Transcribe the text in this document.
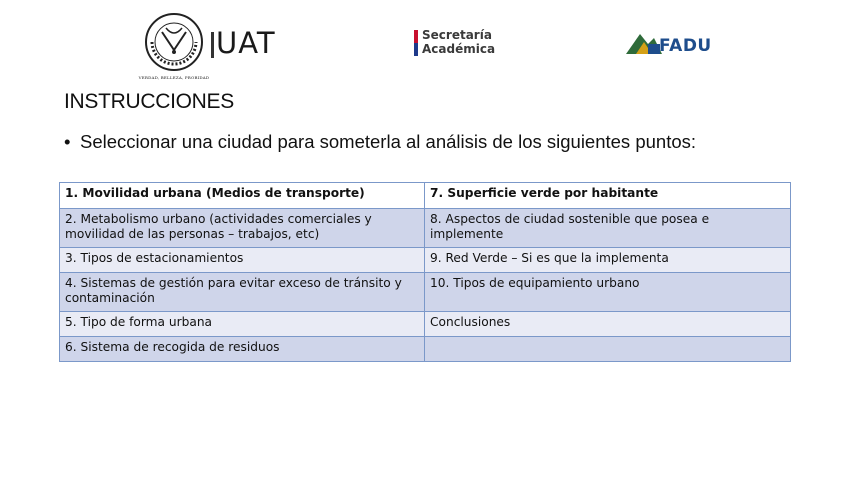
VERDAD, BELLEZA, PROBIDAD
UAT	Secretaría
Académica	FADU
INSTRUCCIONES
• Seleccionar una ciudad para someterla al análisis de los siguientes puntos:
1. Movilidad urbana (Medios de transporte)	7. Superficie verde por habitante
2. Metabolismo urbano (actividades comerciales y movilidad de las personas – trabajos, etc)	8. Aspectos de ciudad sostenible que posea e implemente
3. Tipos de estacionamientos	9. Red Verde – Si es que la implementa
4. Sistemas de gestión para evitar exceso de tránsito y contaminación	10. Tipos de equipamiento urbano
5. Tipo de forma urbana	Conclusiones
6. Sistema de recogida de residuos	
